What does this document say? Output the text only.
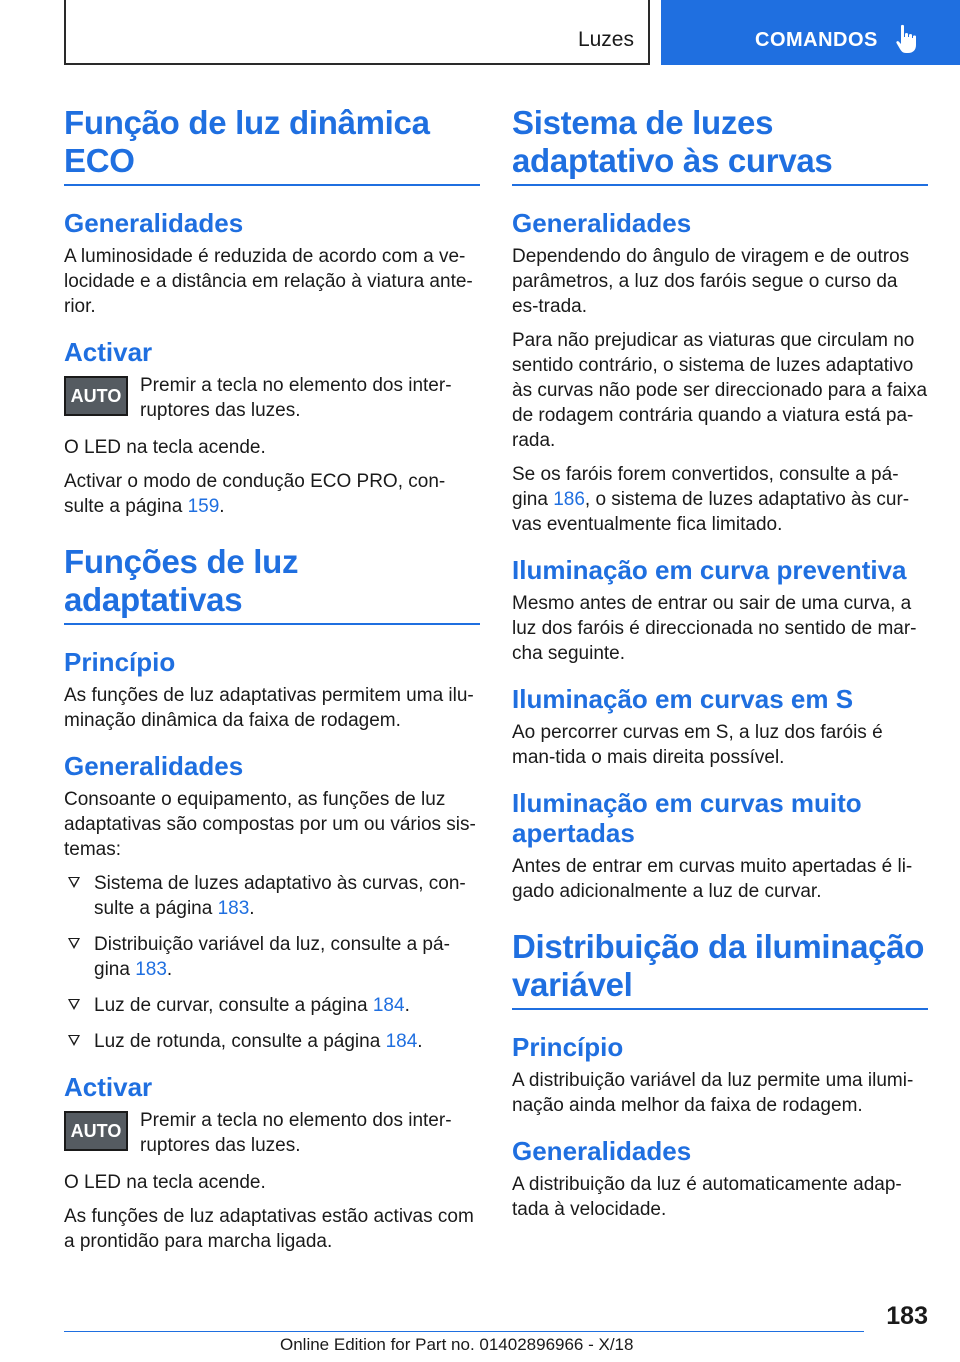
Luzes	COMANDOS
Função de luz dinâmica
ECO
Generalidades

A luminosidade é reduzida de acordo com a ve-locidade e a distância em relação à viatura ante-rior.

Activar
AUTO Premir a tecla no elemento dos inter-ruptores das luzes.

O LED na tecla acende.

Activar o modo de condução ECO PRO, con-sulte a página 159.

Funções de luz adaptativas
Princípio

As funções de luz adaptativas permitem uma ilu-minação dinâmica da faixa de rodagem.

Generalidades

Consoante o equipamento, as funções de luz adaptativas são compostas por um ou vários sis-temas:

Sistema de luzes adaptativo às curvas, con-sulte a página 183.
Distribuição variável da luz, consulte a pá-gina 183.
Luz de curvar, consulte a página 184.
Luz de rotunda, consulte a página 184.
Activar
AUTO Premir a tecla no elemento dos inter-ruptores das luzes.

O LED na tecla acende.

As funções de luz adaptativas estão activas com a prontidão para marcha ligada.

Sistema de luzes
adaptativo às curvas
Generalidades

Dependendo do ângulo de viragem e de outros parâmetros, a luz dos faróis segue o curso da es-trada.

Para não prejudicar as viaturas que circulam no sentido contrário, o sistema de luzes adaptativo às curvas não pode ser direccionado para a faixa de rodagem contrária quando a viatura está pa-rada.

Se os faróis forem convertidos, consulte a pá-gina 186, o sistema de luzes adaptativo às cur-vas eventualmente fica limitado.

Iluminação em curva preventiva

Mesmo antes de entrar ou sair de uma curva, a luz dos faróis é direccionada no sentido de mar-cha seguinte.

Iluminação em curvas em S

Ao percorrer curvas em S, a luz dos faróis é man-tida o mais direita possível.

Iluminação em curvas muito
apertadas

Antes de entrar em curvas muito apertadas é li-gado adicionalmente a luz de curvar.

Distribuição da iluminação
variável
Princípio

A distribuição variável da luz permite uma ilumi-nação ainda melhor da faixa de rodagem.

Generalidades

A distribuição da luz é automaticamente adap-tada à velocidade.

183
Online Edition for Part no. 01402896966 - X/18
